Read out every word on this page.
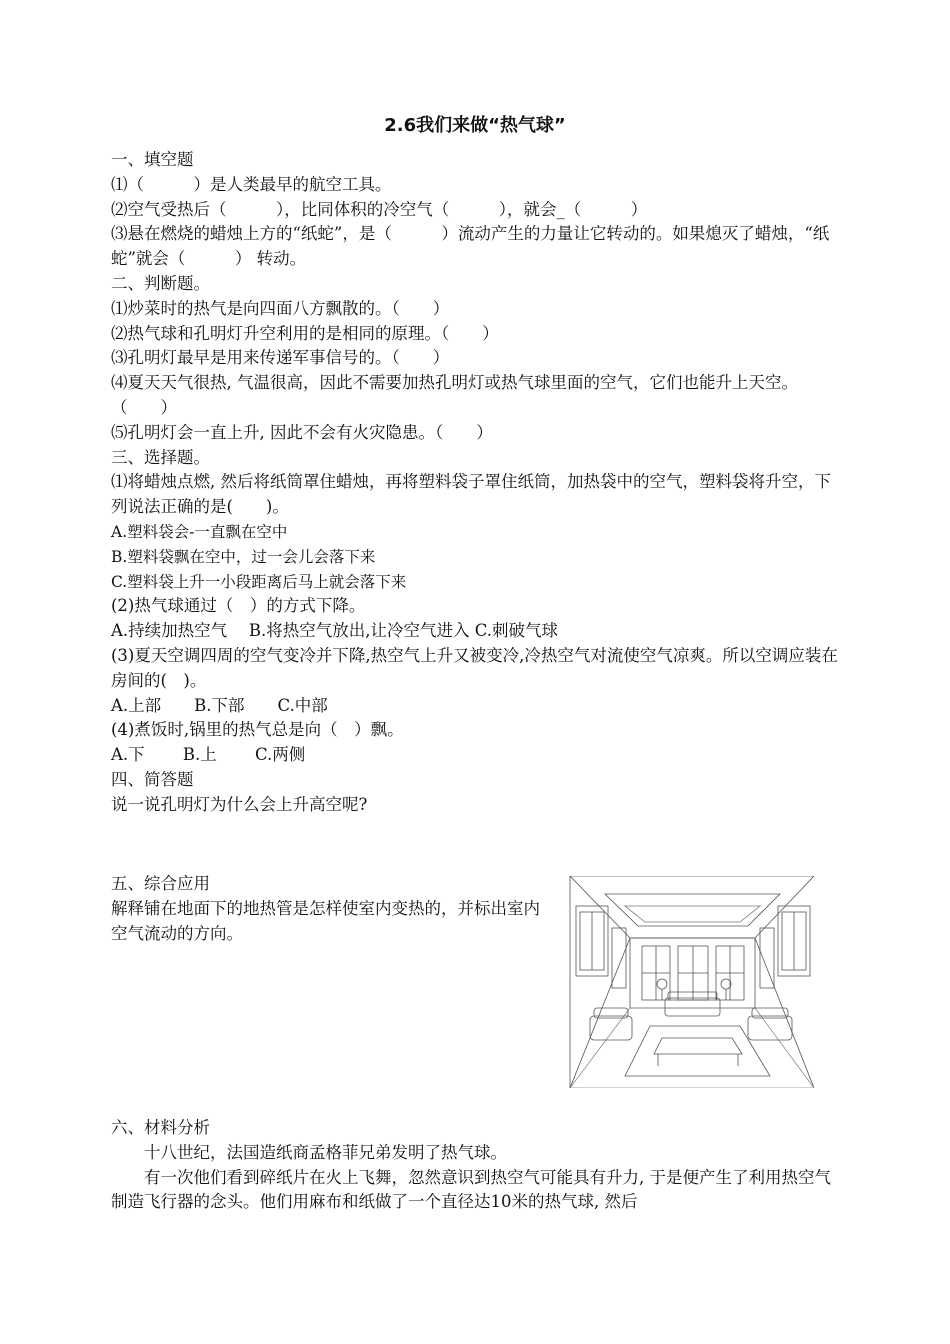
2.6我们来做“热气球”

一、填空题

⑴（　　　）是人类最早的航空工具。

⑵空气受热后（　　　），比同体积的冷空气（　　　），就会_（　　　）

⑶悬在燃烧的蜡烛上方的“纸蛇”，是（　　　）流动产生的力量让它转动的。如果熄灭了蜡烛，“纸蛇”就会（　　　） 转动。

二、判断题。

⑴炒菜时的热气是向四面八方飘散的。（　　）

⑵热气球和孔明灯升空利用的是相同的原理。（　　）

⑶孔明灯最早是用来传递军事信号的。（　　）

⑷夏天天气很热, 气温很高，因此不需要加热孔明灯或热气球里面的空气，它们也能升上天空。　 （　　）

⑸孔明灯会一直上升, 因此不会有火灾隐患。（　　）

三、选择题。

⑴将蜡烛点燃, 然后将纸筒罩住蜡烛，再将塑料袋子罩住纸筒，加热袋中的空气，塑料袋将升空，下列说法正确的是(　　)。

A.塑料袋会-一直飘在空中

B.塑料袋飘在空中，过一会儿会落下来

C.塑料袋上升一小段距离后马上就会落下来

(2)热气球通过（　）的方式下降。

A.持续加热空气　 B.将热空气放出,让冷空气进入 C.刺破气球

(3)夏天空调四周的空气变冷并下降,热空气上升又被变冷,冷热空气对流使空气凉爽。所以空调应装在房间的(　)。

A.上部　　B.下部　　C.中部

(4)煮饭时,锅里的热气总是向（　）飘。

A.下　　 B.上　　 C.两侧

四、简答题

说一说孔明灯为什么会上升高空呢?

五、综合应用

解释铺在地面下的地热管是怎样使室内变热的，并标出室内空气流动的方向。

六、材料分析

十八世纪，法国造纸商孟格菲兄弟发明了热气球。

有一次他们看到碎纸片在火上飞舞，忽然意识到热空气可能具有升力, 于是便产生了利用热空气制造飞行器的念头。他们用麻布和纸做了一个直径达10米的热气球, 然后
